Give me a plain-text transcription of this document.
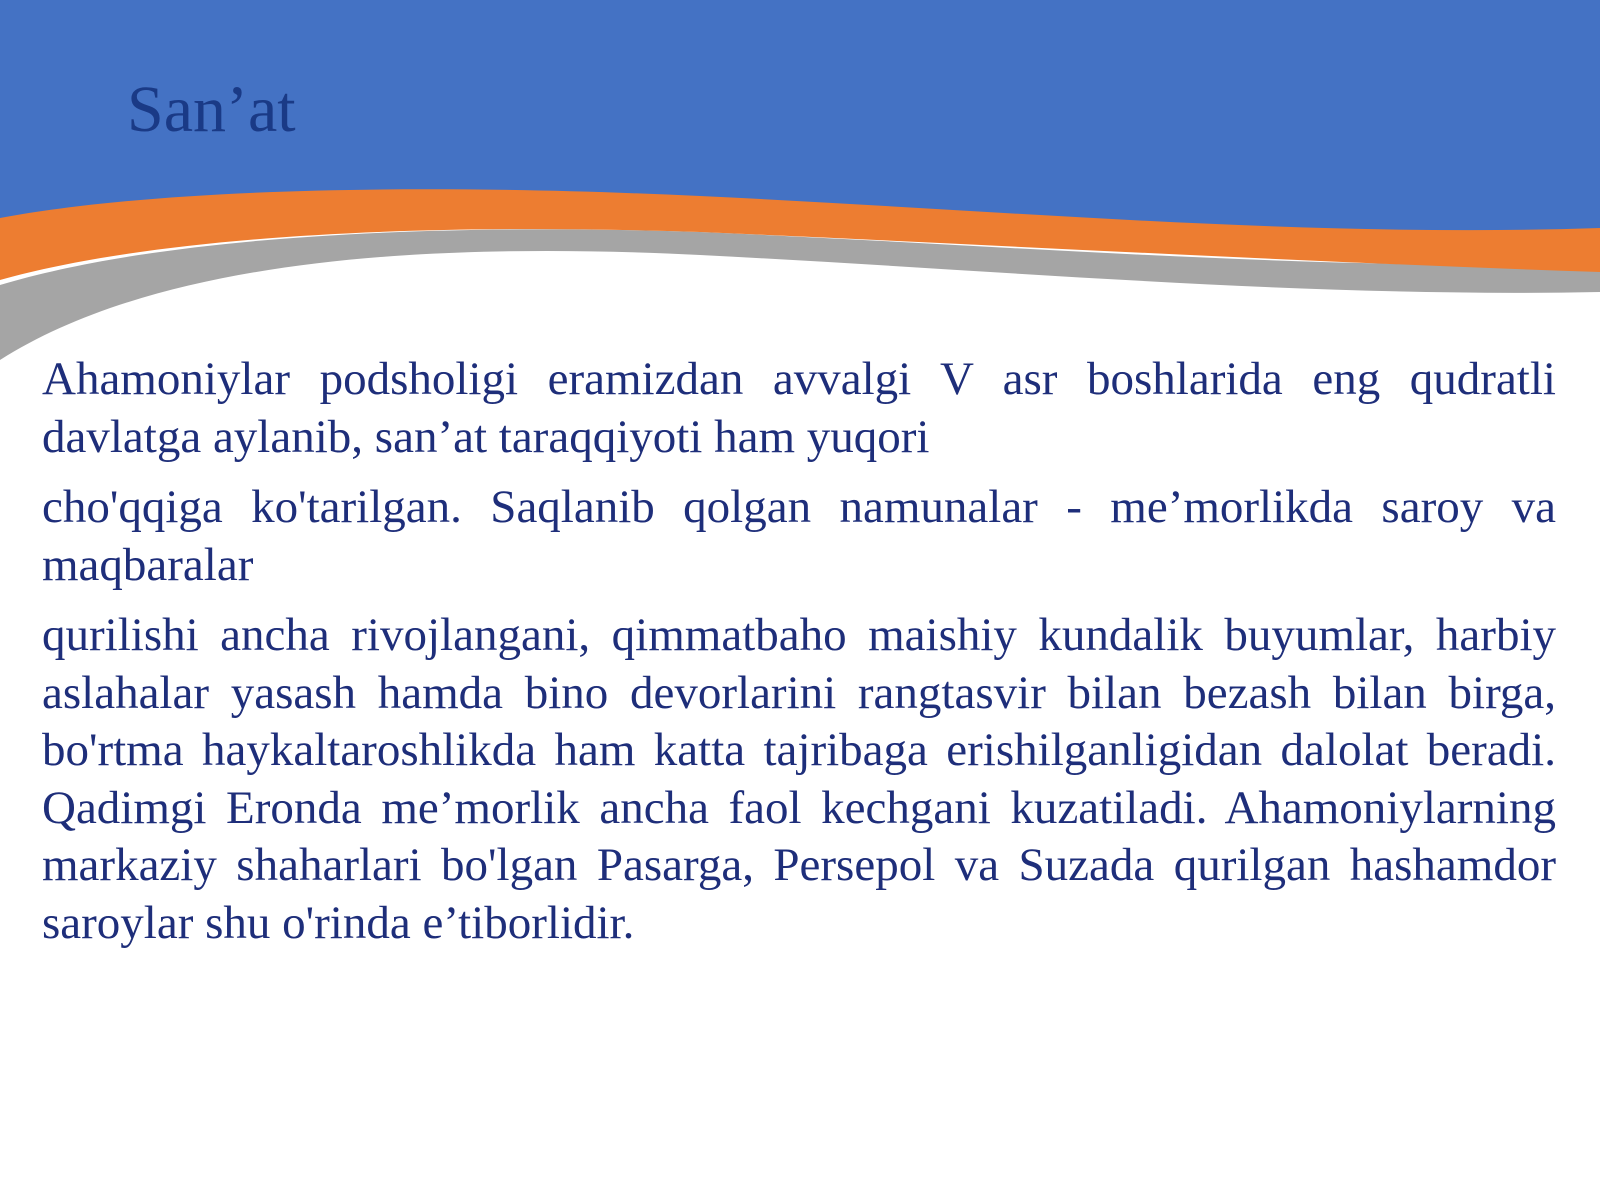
San’at

Ahamoniylar podsholigi eramizdan avvalgi V asr boshlarida eng qudratli davlatga aylanib, san’at taraqqiyoti ham yuqori

cho'qqiga ko'tarilgan. Saqlanib qolgan namunalar - me’morlikda saroy va maqbaralar

qurilishi ancha rivojlangani, qimmatbaho maishiy kundalik buyumlar, harbiy aslahalar yasash hamda bino devorlarini rangtasvir bilan bezash bilan birga, bo'rtma haykaltaroshlikda ham katta tajribaga erishilganligidan dalolat beradi. Qadimgi Eronda me’morlik ancha faol kechgani kuzatiladi. Ahamoniylarning markaziy shaharlari bo'lgan Pasarga, Persepol va Suzada qurilgan hashamdor saroylar shu o'rinda e’tiborlidir.
